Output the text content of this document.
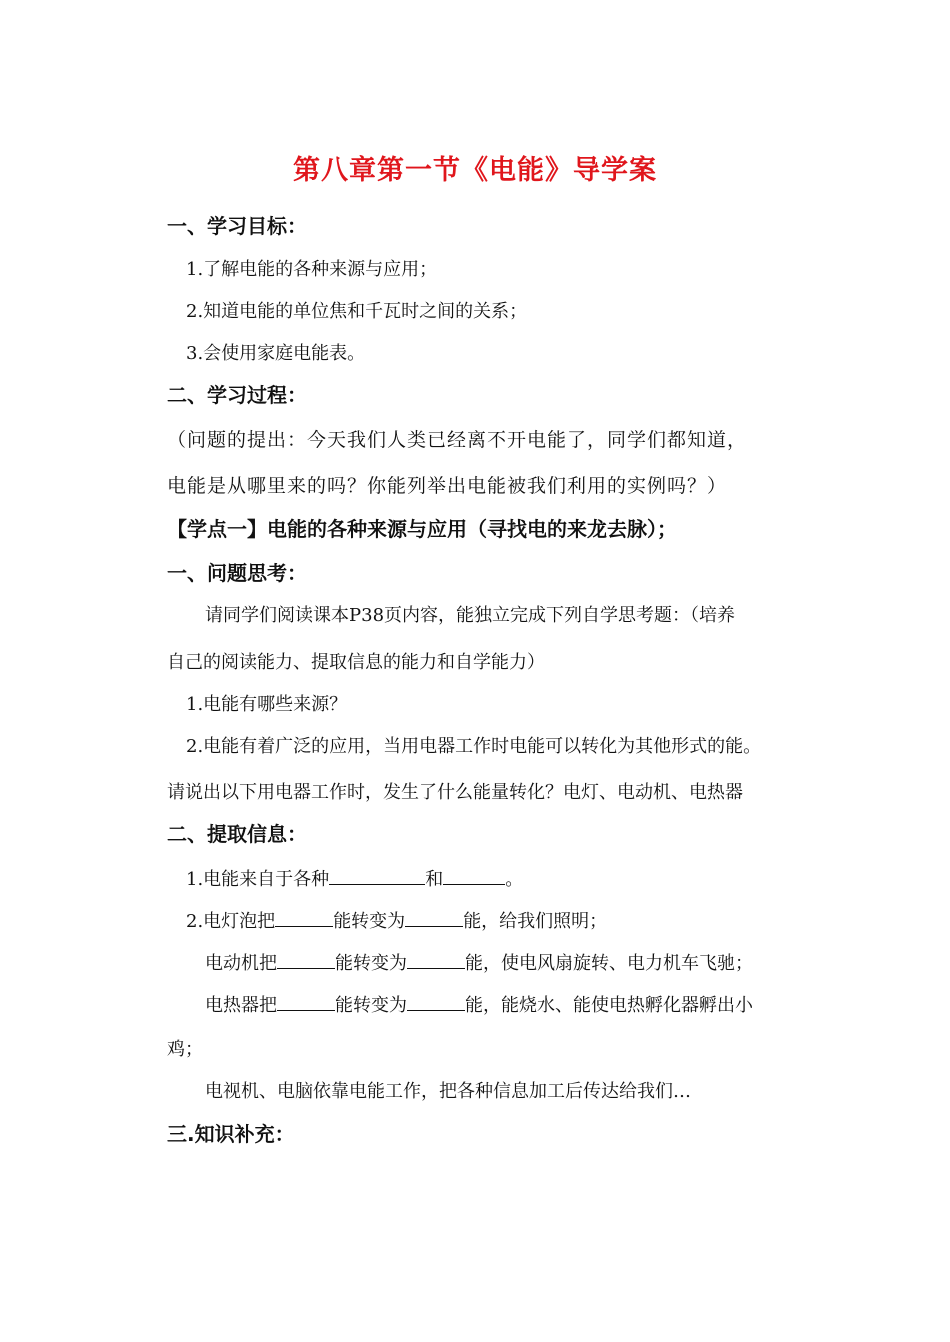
第八章第一节《电能》导学案
一、学习目标：
1.了解电能的各种来源与应用；
2.知道电能的单位焦和千瓦时之间的关系；
3.会使用家庭电能表。
二、学习过程：
（问题的提出：今天我们人类已经离不开电能了，同学们都知道，
电能是从哪里来的吗？你能列举出电能被我们利用的实例吗？）
【学点一】电能的各种来源与应用（寻找电的来龙去脉）；
一、问题思考：
请同学们阅读课本P38页内容，能独立完成下列自学思考题：（培养
自己的阅读能力、提取信息的能力和自学能力）
1.电能有哪些来源？
2.电能有着广泛的应用，当用电器工作时电能可以转化为其他形式的能。
请说出以下用电器工作时，发生了什么能量转化？电灯、电动机、电热器
二、提取信息：
1.电能来自于各种	和	。
2.电灯泡把	能转变为	能，给我们照明；
电动机把	能转变为	能，使电风扇旋转、电力机车飞驰；
电热器把	能转变为	能，能烧水、能使电热孵化器孵出小
鸡；
电视机、电脑依靠电能工作，把各种信息加工后传达给我们…
三.知识补充：
